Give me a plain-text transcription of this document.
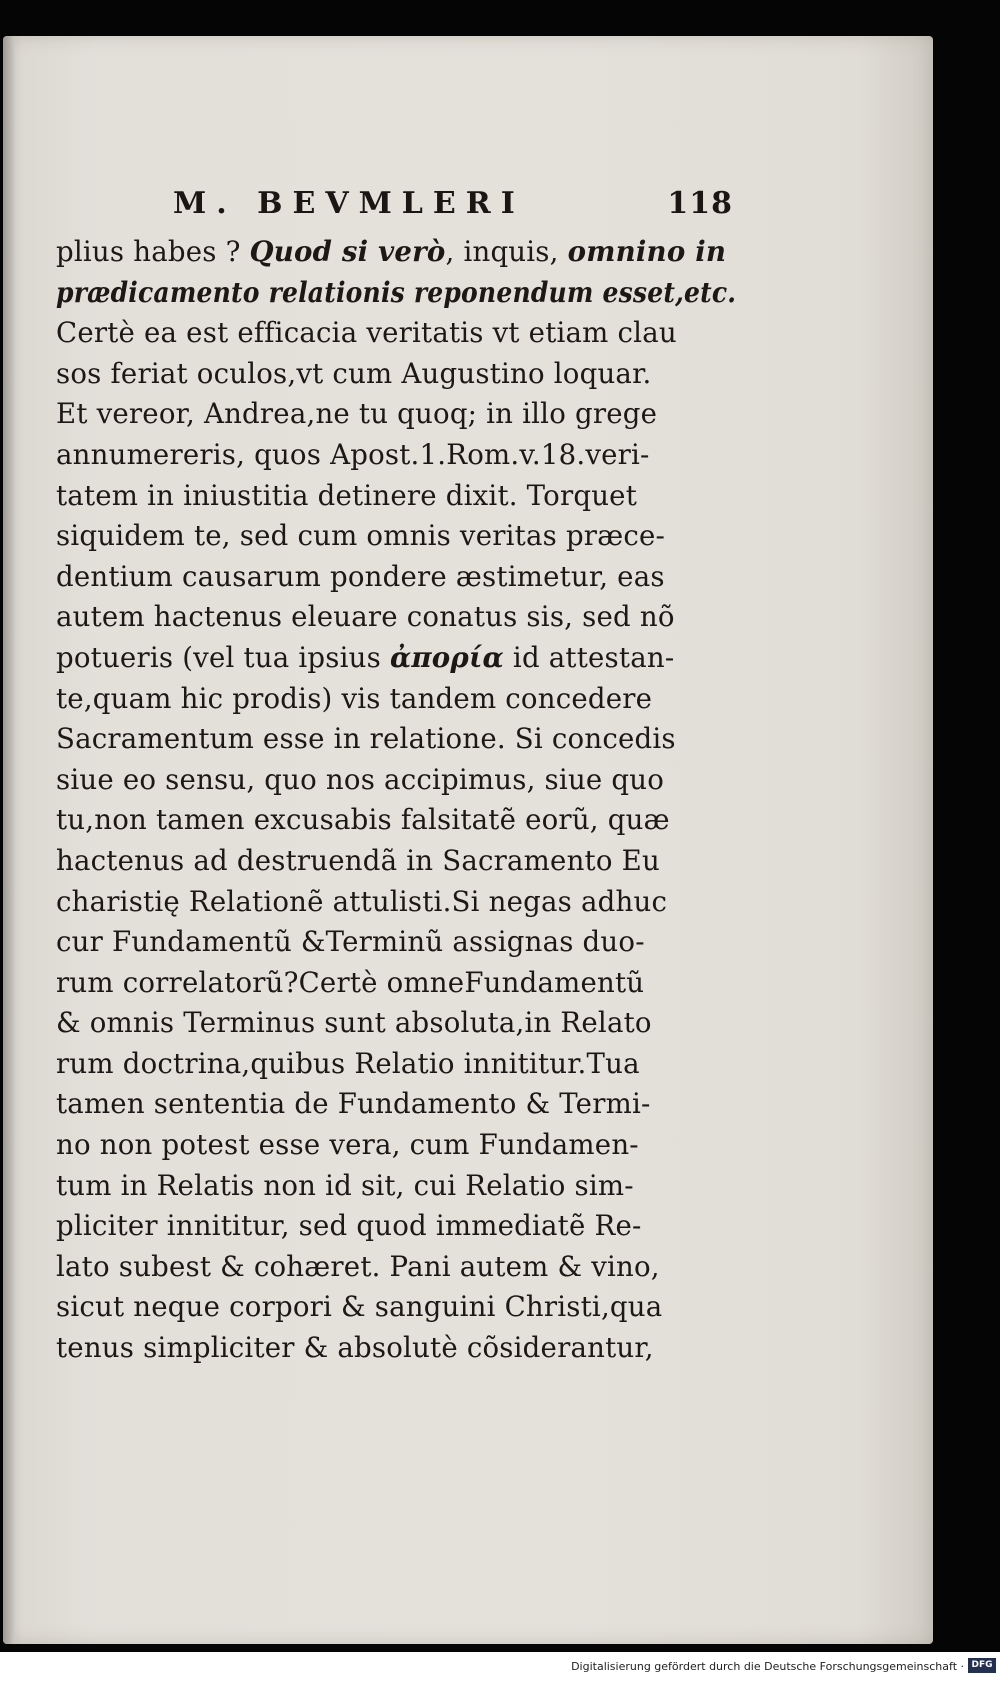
M. BEVMLERI	118
plius habes ? Quod si verò, inquis, omnino in
prædicamento relationis reponendum esset,etc.
Certè ea est efficacia veritatis vt etiam clau
sos feriat oculos,vt cum Augustino loquar.
Et vereor, Andrea,ne tu quoq; in illo grege
annumereris, quos Apost.1.Rom.v.18.veri-
tatem in iniustitia detinere dixit. Torquet
siquidem te, sed cum omnis veritas præce-
dentium causarum pondere æstimetur, eas
autem hactenus eleuare conatus sis, sed nõ
potueris (vel tua ipsius ἀπορία id attestan-
te,quam hic prodis) vis tandem concedere
Sacramentum esse in relatione. Si concedis
siue eo sensu, quo nos accipimus, siue quo
tu,non tamen excusabis falsitatẽ eorũ, quæ
hactenus ad destruendã in Sacramento Eu
charistię Relationẽ attulisti.Si negas adhuc
cur Fundamentũ &Terminũ assignas duo-
rum correlatorũ?Certè omneFundamentũ
& omnis Terminus sunt absoluta,in Relato
rum doctrina,quibus Relatio innititur.Tua
tamen sententia de Fundamento & Termi-
no non potest esse vera, cum Fundamen-
tum in Relatis non id sit, cui Relatio sim-
pliciter innititur, sed quod immediatẽ Re-
lato subest & cohæret. Pani autem & vino,
sicut neque corpori & sanguini Christi,qua
tenus simpliciter & absolutè cõsiderantur,
Digitalisierung gefördert durch die Deutsche Forschungsgemeinschaft · DFG
